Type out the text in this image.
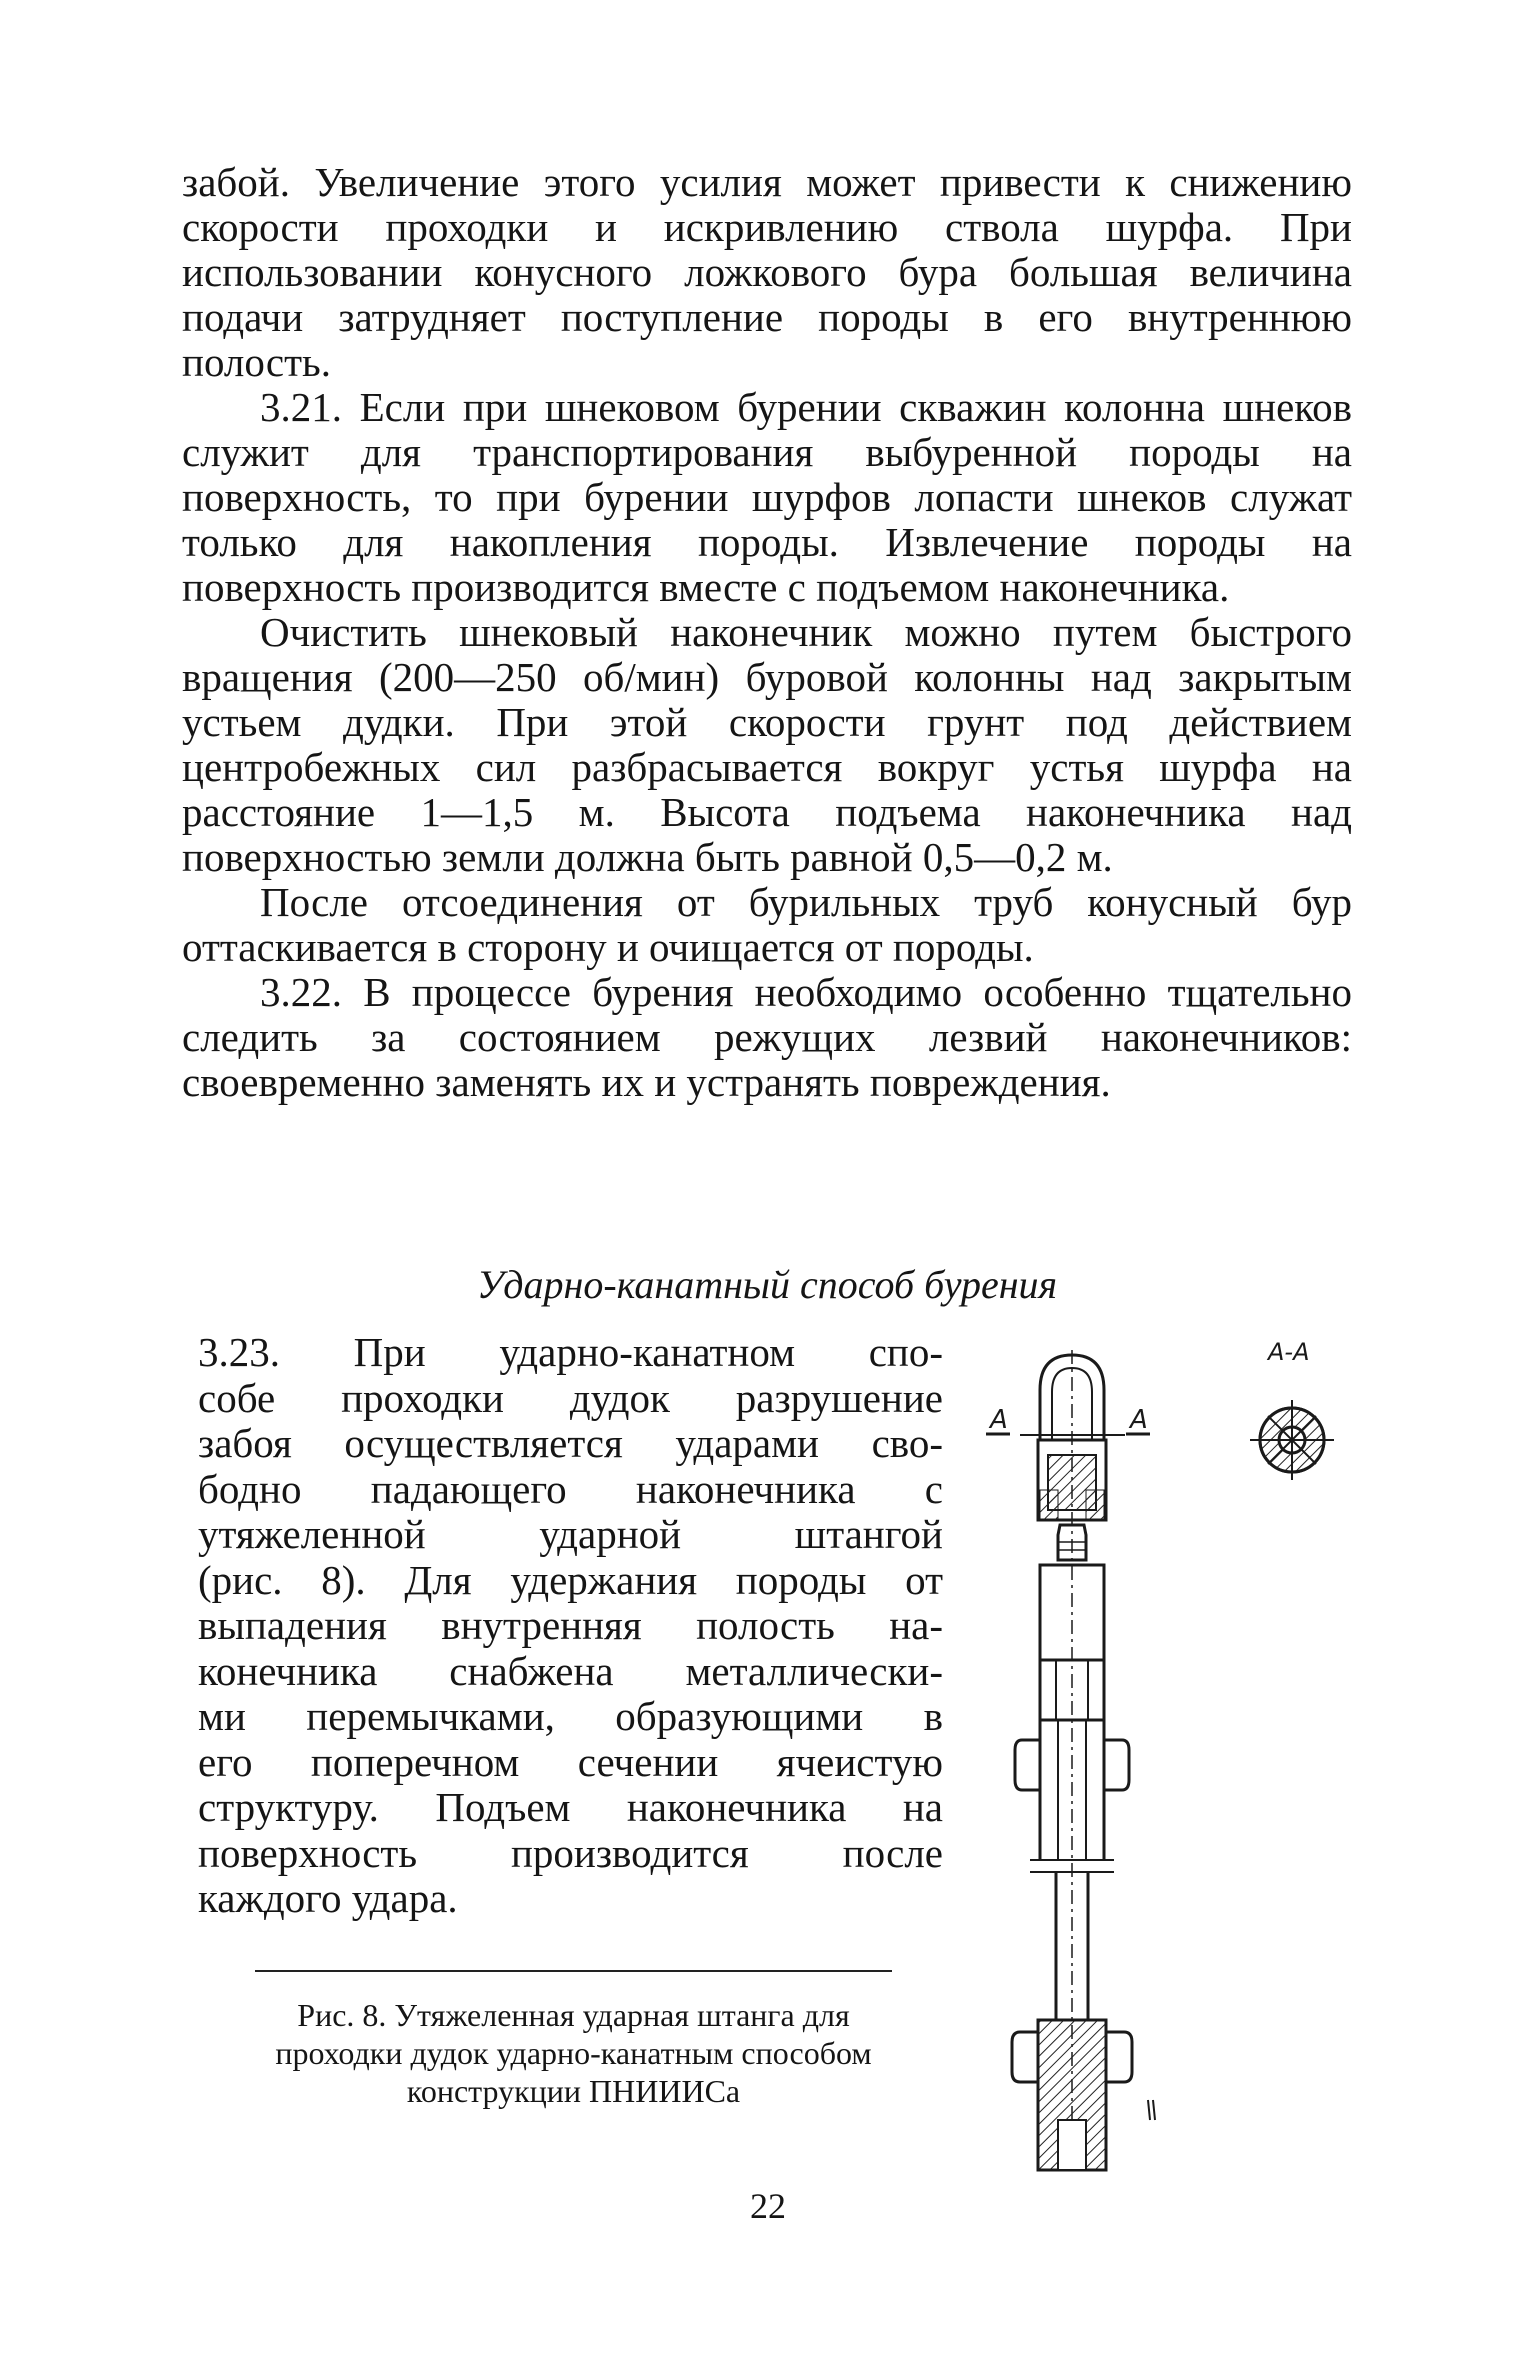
забой. Увеличение этого усилия может привести к снижению скорости проходки и искривлению ствола шурфа. При использовании конусного ложкового бура большая величина подачи затрудняет поступление породы в его внутреннюю полость.

3.21. Если при шнековом бурении скважин колонна шнеков служит для транспортирования выбуренной породы на поверхность, то при бурении шурфов лопасти шнеков служат только для накопления породы. Извлечение породы на поверхность производится вместе с подъемом наконечника.

Очистить шнековый наконечник можно путем быстрого вращения (200—250 об/мин) буровой колонны над закрытым устьем дудки. При этой скорости грунт под действием центробежных сил разбрасывается вокруг устья шурфа на расстояние 1—1,5 м. Высота подъема наконечника над поверхностью земли должна быть равной 0,5—0,2 м.

После отсоединения от бурильных труб конусный бур оттаскивается в сторону и очищается от породы.

3.22. В процессе бурения необходимо особенно тщательно следить за состоянием режущих лезвий наконечников: своевременно заменять их и устранять повреждения.

Ударно-канатный способ бурения

3.23. При ударно-канатном спо-

собе проходки дудок разрушение

забоя осуществляется ударами сво-

бодно падающего наконечника с

утяжеленной ударной штангой

(рис. 8). Для удержания породы от

выпадения внутренняя полость на-

конечника снабжена металлически-

ми перемычками, образующими в

его поперечном сечении ячеистую

структуру. Подъем наконечника на

поверхность производится после

каждого удара.

А-А
А	А
Рис. 8. Утяжеленная ударная штанга для проходки дудок ударно-канатным способом конструкции ПНИИИСа
22
